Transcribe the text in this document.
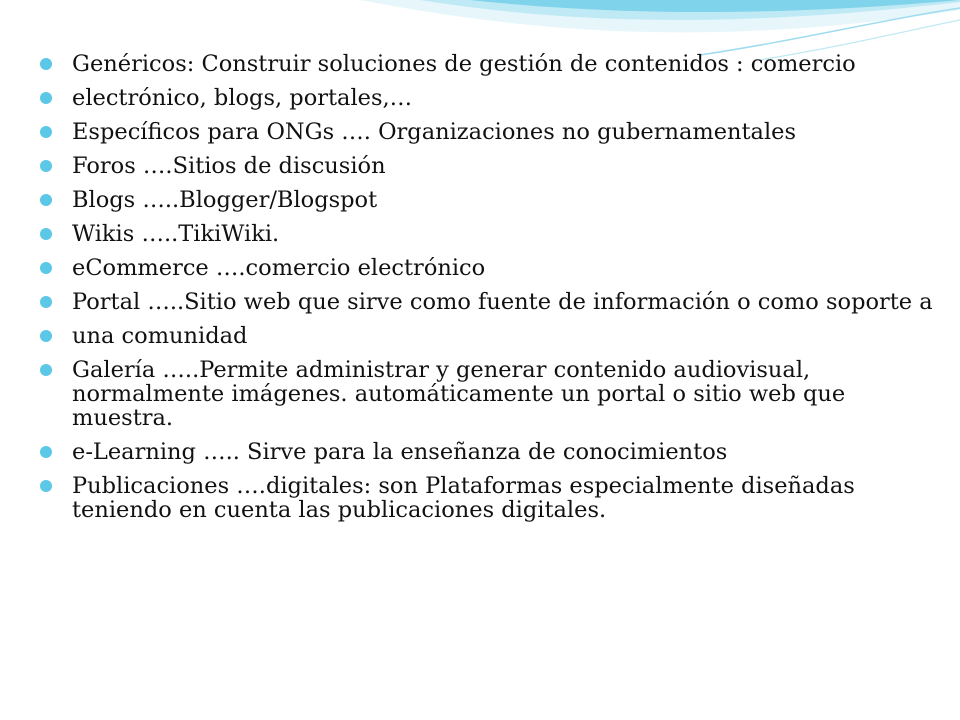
Genéricos: Construir soluciones de gestión de contenidos : comercio
electrónico, blogs, portales,…
Específicos para ONGs …. Organizaciones no gubernamentales
Foros ….Sitios de discusión
Blogs …..Blogger/Blogspot
Wikis …..TikiWiki.
eCommerce ….comercio electrónico
Portal …..Sitio web que sirve como fuente de información o como soporte a
una comunidad
Galería …..Permite administrar y generar contenido audiovisual, normalmente imágenes. automáticamente un portal o sitio web que muestra.
e-Learning ….. Sirve para la enseñanza de conocimientos
Publicaciones ….digitales: son Plataformas especialmente diseñadas teniendo en cuenta las publicaciones digitales.
